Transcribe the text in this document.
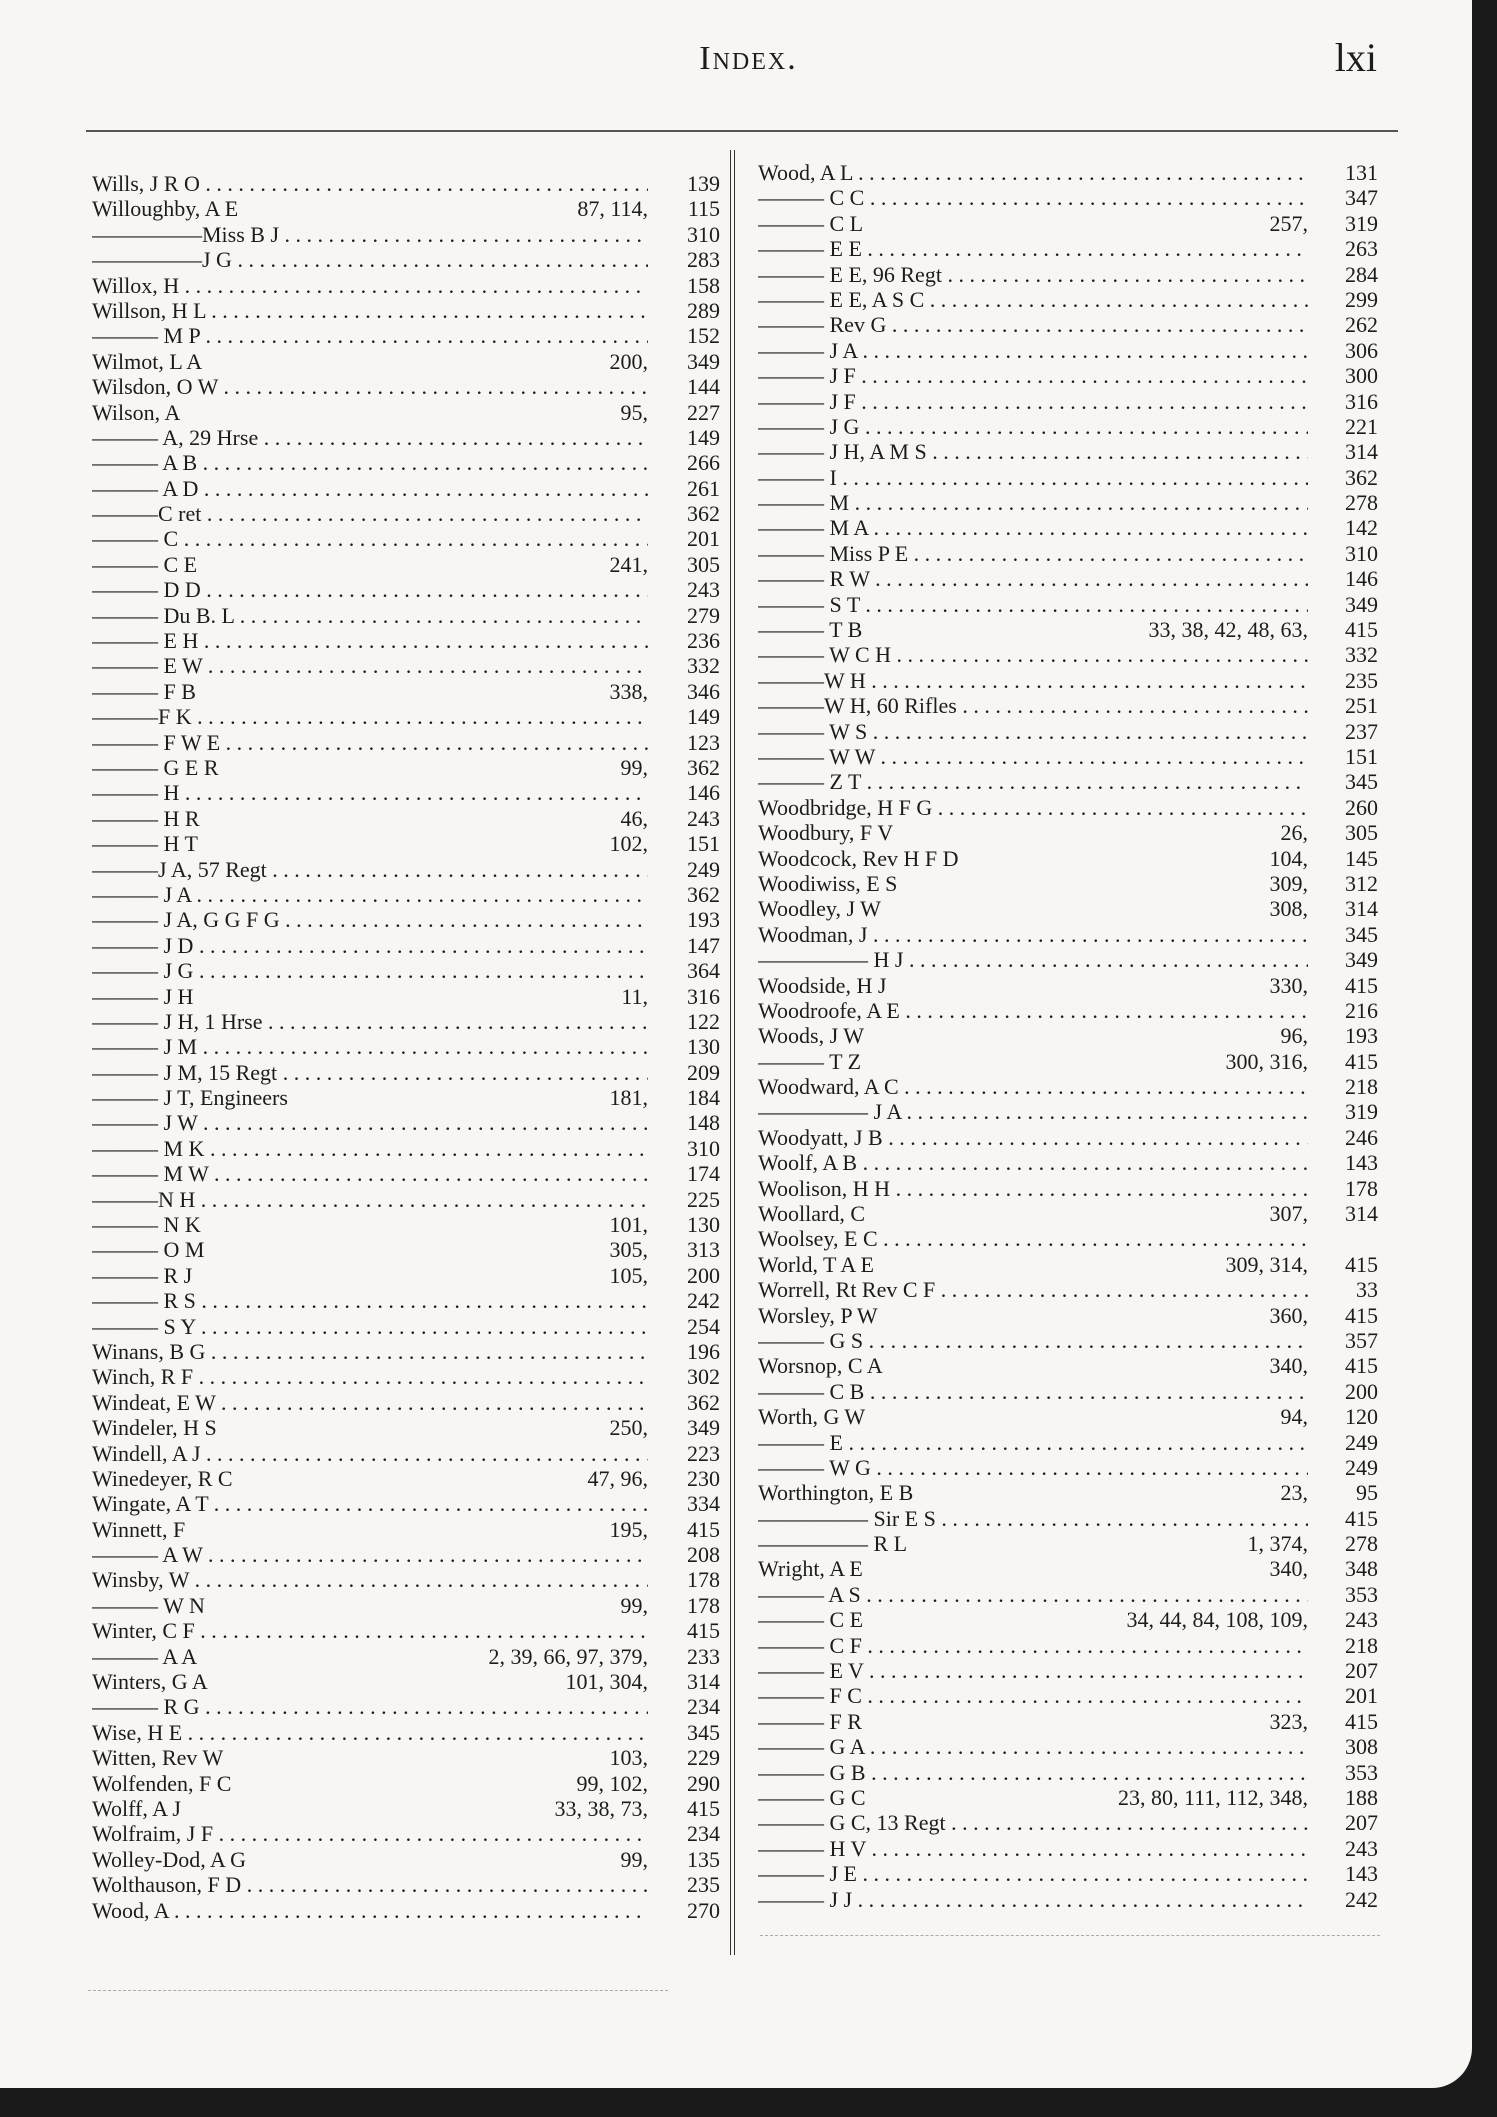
Index.	lxi
Wills, J R O . . .	139
Willoughby, A E	87, 114,	115
—————Miss B J . . .	310
—————J G . . .	283
Willox, H . . .	158
Willson, H L . . .	289
——— M P . . .	152
Wilmot, L A	200,	349
Wilsdon, O W . . .	144
Wilson, A	95,	227
——— A, 29 Hrse . . .	149
——— A B . . .	266
——— A D . . .	261
———C ret . . .	362
——— C . . .	201
——— C E	241,	305
——— D D . . .	243
——— Du B. L . . .	279
——— E H . . .	236
——— E W . . .	332
——— F B	338,	346
———F K . . .	149
——— F W E . . .	123
——— G E R	99,	362
——— H . . .	146
——— H R	46,	243
——— H T	102,	151
———J A, 57 Regt . . .	249
——— J A . . .	362
——— J A, G G F G . . .	193
——— J D . . .	147
——— J G . . .	364
——— J H	11,	316
——— J H, 1 Hrse . . .	122
——— J M . . .	130
——— J M, 15 Regt . . .	209
——— J T, Engineers	181,	184
——— J W . . .	148
——— M K . . .	310
——— M W . . .	174
———N H . . .	225
——— N K	101,	130
——— O M	305,	313
——— R J	105,	200
——— R S . . .	242
——— S Y . . .	254
Winans, B G . . .	196
Winch, R F . . .	302
Windeat, E W . . .	362
Windeler, H S	250,	349
Windell, A J . . .	223
Winedeyer, R C	47, 96,	230
Wingate, A T . . .	334
Winnett, F	195,	415
——— A W . . .	208
Winsby, W . . .	178
——— W N	99,	178
Winter, C F . . .	415
——— A A	2, 39, 66, 97, 379,	233
Winters, G A	101, 304,	314
——— R G . . .	234
Wise, H E . . .	345
Witten, Rev W	103,	229
Wolfenden, F C	99, 102,	290
Wolff, A J	33, 38, 73,	415
Wolfraim, J F . . .	234
Wolley-Dod, A G	99,	135
Wolthauson, F D . . .	235
Wood, A . . .	270
Wood, A L . . .	131
——— C C . . .	347
——— C L	257,	319
——— E E . . .	263
——— E E, 96 Regt . . .	284
——— E E, A S C . . .	299
——— Rev G . . .	262
——— J A . . .	306
——— J F . . .	300
——— J F . . .	316
——— J G . . .	221
——— J H, A M S . . .	314
——— I . . .	362
——— M . . .	278
——— M A . . .	142
——— Miss P E . . .	310
——— R W . . .	146
——— S T . . .	349
——— T B	33, 38, 42, 48, 63,	415
——— W C H . . .	332
———W H . . .	235
———W H, 60 Rifles . . .	251
——— W S . . .	237
——— W W . . .	151
——— Z T . . .	345
Woodbridge, H F G . . .	260
Woodbury, F V	26,	305
Woodcock, Rev H F D	104,	145
Woodiwiss, E S	309,	312
Woodley, J W	308,	314
Woodman, J . . .	345
————— H J . . .	349
Woodside, H J	330,	415
Woodroofe, A E . . .	216
Woods, J W	96,	193
——— T Z	300, 316,	415
Woodward, A C . . .	218
————— J A . . .	319
Woodyatt, J B . . .	246
Woolf, A B . . .	143
Woolison, H H . . .	178
Woollard, C	307,	314
Woolsey, E C . . .
World, T A E	309, 314,	415
Worrell, Rt Rev C F . . .	33
Worsley, P W	360,	415
——— G S . . .	357
Worsnop, C A	340,	415
——— C B . . .	200
Worth, G W	94,	120
——— E . . .	249
——— W G . . .	249
Worthington, E B	23,	95
————— Sir E S . . .	415
————— R L	1, 374,	278
Wright, A E	340,	348
——— A S . . .	353
——— C E	34, 44, 84, 108, 109,	243
——— C F . . .	218
——— E V . . .	207
——— F C . . .	201
——— F R	323,	415
——— G A . . .	308
——— G B . . .	353
——— G C	23, 80, 111, 112, 348,	188
——— G C, 13 Regt . . .	207
——— H V . . .	243
——— J E . . .	143
——— J J . . .	242
